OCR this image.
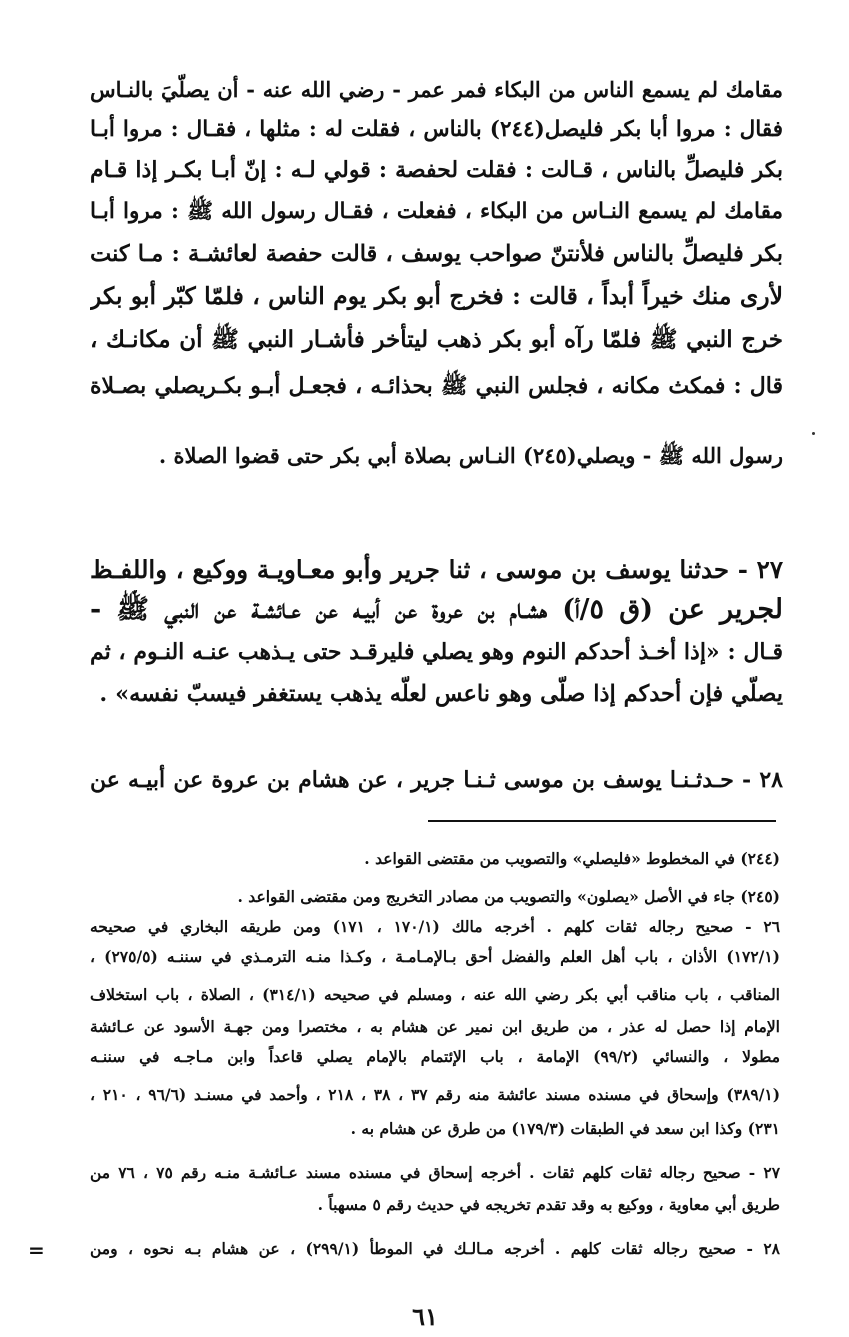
مقامك لم يسمع الناس من البكاء فمر عمر - رضي الله عنه - أن يصلّيَ بالنـاس
فقال : مروا أبا بكر فليصل(٢٤٤) بالناس ، فقلت له : مثلها ، فقـال : مروا أبـا
بكر فليصلِّ بالناس ، قـالت : فقلت لحفصة : قولي لـه : إنّ أبـا بكـر إذا قـام
مقامك لم يسمع النـاس من البكاء ، ففعلت ، فقـال رسول الله ﷺ : مروا أبـا
بكر فليصلِّ بالناس فلأنتنّ صواحب يوسف ، قالت حفصة لعائشـة : مـا كنت
لأرى منك خيراً أبداً ، قالت : فخرج أبو بكر يوم الناس ، فلمّا كبّر أبو بكر
خرج النبي ﷺ فلمّا رآه أبو بكر ذهب ليتأخر فأشـار النبي ﷺ أن مكانـك ،
قال : فمكث مكانه ، فجلس النبي ﷺ بحذائـه ، فجعـل أبـو بكـريصلي بصـلاة
رسول الله ﷺ - ويصلي(٢٤٥) النـاس بصلاة أبي بكر حتى قضوا الصلاة .
٢٧ - حدثنا يوسف بن موسى ، ثنا جرير وأبو معـاويـة ووكيع ، واللفـظ
لجرير عن (ق ٥/أ) هشـام بن عروة عن أبيـه عن عـائشـة عن النبي ﷺ -
قـال : «إذا أخـذ أحدكم النوم وهو يصلي فليرقـد حتى يـذهب عنـه النـوم ، ثم
يصلّي فإن أحدكم إذا صلّى وهو ناعس لعلّه يذهب يستغفر فيسبّ نفسه» .
٢٨ - حـدثـنـا يوسف بن موسى ثـنـا جرير ، عن هشام بن عروة عن أبيـه عن
(٢٤٤) في المخطوط «فليصلي» والتصويب من مقتضى القواعد .
(٢٤٥) جاء في الأصل «يصلون» والتصويب من مصادر التخريج ومن مقتضى القواعد .
٢٦ - صحيح رجاله ثقات كلهم . أخرجه مالك (١٧٠/١ ، ١٧١) ومن طريقه البخاري في صحيحه
(١٧٢/١) الأذان ، باب أهل العلم والفضل أحق بـالإمـامـة ، وكـذا منـه الترمـذي في سننـه (٢٧٥/٥) ،
المناقب ، باب مناقب أبي بكر رضي الله عنه ، ومسلم في صحيحه (٣١٤/١) ، الصلاة ، باب استخلاف
الإمام إذا حصل له عذر ، من طريق ابن نمير عن هشام به ، مختصرا ومن جهـة الأسود عن عـائشة
مطولا ، والنسائي (٩٩/٢) الإمامة ، باب الإئتمام بالإمام يصلي قاعداً وابن مـاجـه في سننـه
(٣٨٩/١) وإسحاق في مسنده مسند عائشة منه رقم ٣٧ ، ٣٨ ، ٢١٨ ، وأحمد في مسنـد (٩٦/٦ ، ٢١٠ ،
٢٣١) وكذا ابن سعد في الطبقات (١٧٩/٣) من طرق عن هشام به .
٢٧ - صحيح رجاله ثقات كلهم ثقات . أخرجه إسحاق في مسنده مسند عـائشـة منـه رقم ٧٥ ، ٧٦ من
طريق أبي معاوية ، ووكيع به وقد تقدم تخريجه في حديث رقم ٥ مسهباً .
٢٨ - صحيح رجاله ثقات كلهم . أخرجه مـالـك في الموطأ (٢٩٩/١) ، عن هشام بـه نحوه ، ومن
=
٦١
